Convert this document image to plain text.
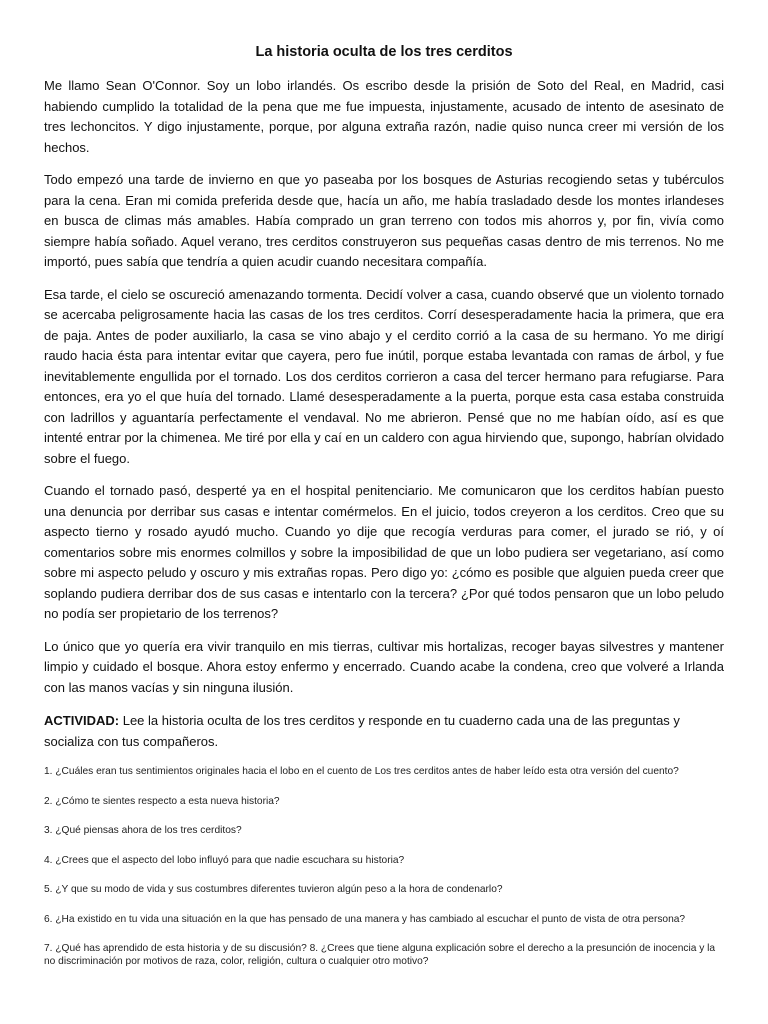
La historia oculta de los tres cerditos

Me llamo Sean O'Connor. Soy un lobo irlandés. Os escribo desde la prisión de Soto del Real, en Madrid, casi habiendo cumplido la totalidad de la pena que me fue impuesta, injustamente, acusado de intento de asesinato de tres lechoncitos. Y digo injustamente, porque, por alguna extraña razón, nadie quiso nunca creer mi versión de los hechos.

Todo empezó una tarde de invierno en que yo paseaba por los bosques de Asturias recogiendo setas y tubérculos para la cena. Eran mi comida preferida desde que, hacía un año, me había trasladado desde los montes irlandeses en busca de climas más amables. Había comprado un gran terreno con todos mis ahorros y, por fin, vivía como siempre había soñado. Aquel verano, tres cerditos construyeron sus pequeñas casas dentro de mis terrenos. No me importó, pues sabía que tendría a quien acudir cuando necesitara compañía.

Esa tarde, el cielo se oscureció amenazando tormenta. Decidí volver a casa, cuando observé que un violento tornado se acercaba peligrosamente hacia las casas de los tres cerditos. Corrí desesperadamente hacia la primera, que era de paja. Antes de poder auxiliarlo, la casa se vino abajo y el cerdito corrió a la casa de su hermano. Yo me dirigí raudo hacia ésta para intentar evitar que cayera, pero fue inútil, porque estaba levantada con ramas de árbol, y fue inevitablemente engullida por el tornado. Los dos cerditos corrieron a casa del tercer hermano para refugiarse. Para entonces, era yo el que huía del tornado. Llamé desesperadamente a la puerta, porque esta casa estaba construida con ladrillos y aguantaría perfectamente el vendaval. No me abrieron. Pensé que no me habían oído, así es que intenté entrar por la chimenea. Me tiré por ella y caí en un caldero con agua hirviendo que, supongo, habrían olvidado sobre el fuego.

Cuando el tornado pasó, desperté ya en el hospital penitenciario. Me comunicaron que los cerditos habían puesto una denuncia por derribar sus casas e intentar comérmelos. En el juicio, todos creyeron a los cerditos. Creo que su aspecto tierno y rosado ayudó mucho. Cuando yo dije que recogía verduras para comer, el jurado se rió, y oí comentarios sobre mis enormes colmillos y sobre la imposibilidad de que un lobo pudiera ser vegetariano, así como sobre mi aspecto peludo y oscuro y mis extrañas ropas. Pero digo yo: ¿cómo es posible que alguien pueda creer que soplando pudiera derribar dos de sus casas e intentarlo con la tercera? ¿Por qué todos pensaron que un lobo peludo no podía ser propietario de los terrenos?

Lo único que yo quería era vivir tranquilo en mis tierras, cultivar mis hortalizas, recoger bayas silvestres y mantener limpio y cuidado el bosque. Ahora estoy enfermo y encerrado. Cuando acabe la condena, creo que volveré a Irlanda con las manos vacías y sin ninguna ilusión.

ACTIVIDAD: Lee la historia oculta de los tres cerditos y responde en tu cuaderno cada una de las preguntas y socializa con tus compañeros.

1. ¿Cuáles eran tus sentimientos originales hacia el lobo en el cuento de Los tres cerditos antes de haber leído esta otra versión del cuento?
2. ¿Cómo te sientes respecto a esta nueva historia?
3. ¿Qué piensas ahora de los tres cerditos?
4. ¿Crees que el aspecto del lobo influyó para que nadie escuchara su historia?
5. ¿Y que su modo de vida y sus costumbres diferentes tuvieron algún peso a la hora de condenarlo?
6. ¿Ha existido en tu vida una situación en la que has pensado de una manera y has cambiado al escuchar el punto de vista de otra persona?
7. ¿Qué has aprendido de esta historia y de su discusión? 8. ¿Crees que tiene alguna explicación sobre el derecho a la presunción de inocencia y la no discriminación por motivos de raza, color, religión, cultura o cualquier otro motivo?
